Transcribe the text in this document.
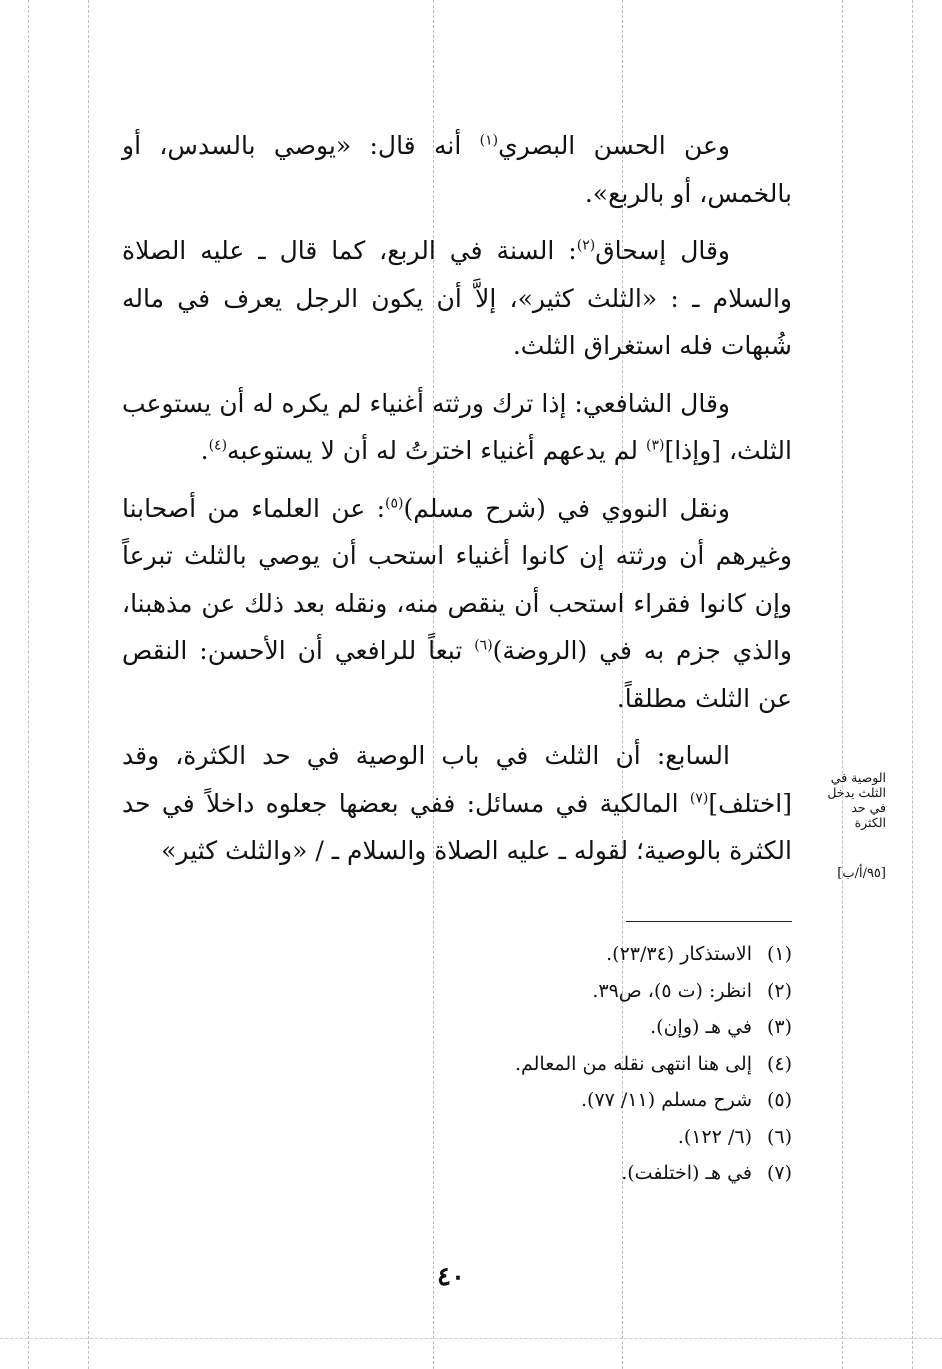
وعن الحسن البصري$^{(١)}$ أنه قال: «يوصي بالسدس، أو بالخمس، أو بالربع».

وقال إسحاق$^{(٢)}$: السنة في الربع، كما قال ـ عليه الصلاة والسلام ـ : «الثلث كثير»، إلاَّ أن يكون الرجل يعرف في ماله شُبهات فله استغراق الثلث.

وقال الشافعي: إذا ترك ورثته أغنياء لم يكره له أن يستوعب الثلث، [وإذا]$^{(٣)}$ لم يدعهم أغنياء اخترتُ له أن لا يستوعبه$^{(٤)}$.

ونقل النووي في (شرح مسلم)$^{(٥)}$: عن العلماء من أصحابنا وغيرهم أن ورثته إن كانوا أغنياء استحب أن يوصي بالثلث تبرعاً وإن كانوا فقراء استحب أن ينقص منه، ونقله بعد ذلك عن مذهبنا، والذي جزم به في (الروضة)$^{(٦)}$ تبعاً للرافعي أن الأحسن: النقص عن الثلث مطلقاً.

السابع: أن الثلث في باب الوصية في حد الكثرة، وقد [اختلف]$^{(٧)}$ المالكية في مسائل: ففي بعضها جعلوه داخلاً في حد الكثرة بالوصية؛ لقوله ـ عليه الصلاة والسلام ـ / «والثلث كثير»

الوصية في الثلث يدخل في حد الكثرة
[٩٥/أ/ب]
(١)الاستذكار (٢٣/٣٤).
(٢)انظر: (ت ٥)، ص٣٩.
(٣)في هـ (وإن).
(٤)إلى هنا انتهى نقله من المعالم.
(٥)شرح مسلم (١١/ ٧٧).
(٦)(٦/ ١٢٢).
(٧)في هـ (اختلفت).
٤٠
